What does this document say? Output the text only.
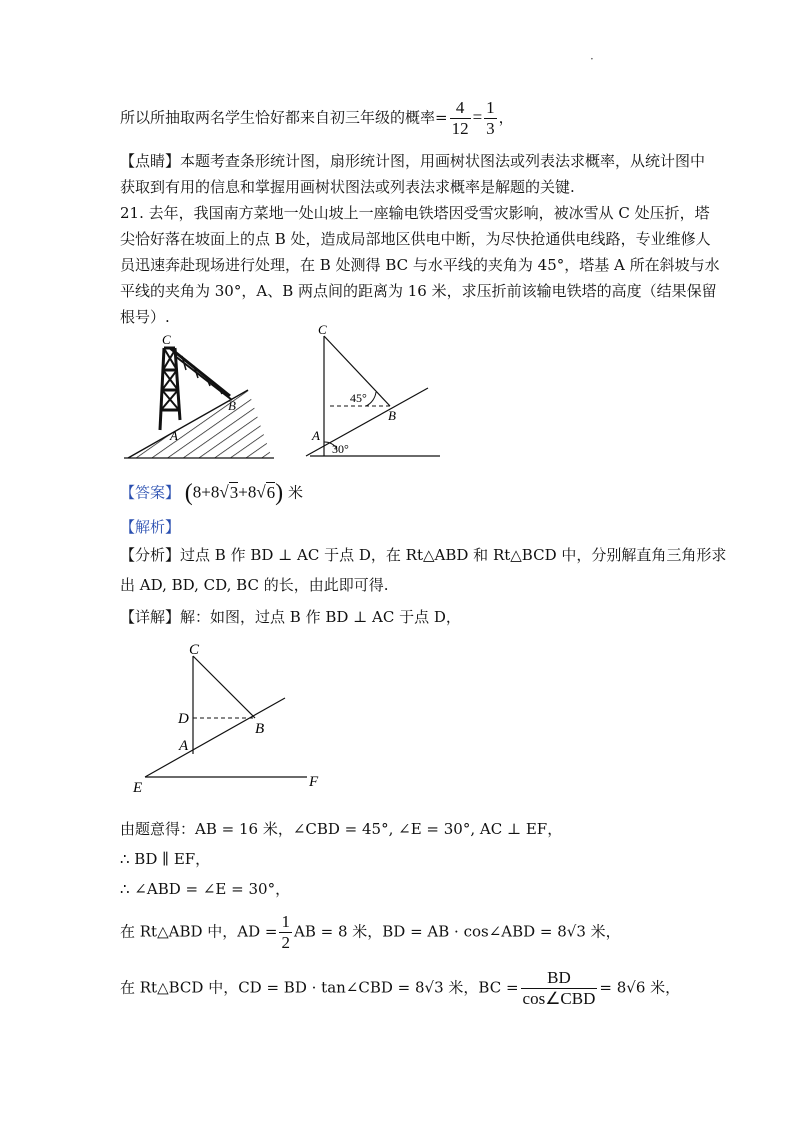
·
所以所抽取两名学生恰好都来自初三年级的概率= $\frac{4}{12} = \frac{1}{3}$ ，
【点睛】本题考查条形统计图，扇形统计图，用画树状图法或列表法求概率，从统计图中
获取到有用的信息和掌握用画树状图法或列表法求概率是解题的关键.
21. 去年，我国南方菜地一处山坡上一座输电铁塔因受雪灾影响，被冰雪从 C 处压折，塔
尖恰好落在坡面上的点 B 处，造成局部地区供电中断，为尽快抢通供电线路，专业维修人
员迅速奔赴现场进行处理，在 B 处测得 BC 与水平线的夹角为 45°，塔基 A 所在斜坡与水
平线的夹角为 30°，A、B 两点间的距离为 16 米，求压折前该输电铁塔的高度（结果保留
根号）.
C
B
A
C
B
A
45°
30°
【答案】 (8+8√3+8√6) 米
【解析】
【分析】过点 B 作 BD ⊥ AC 于点 D，在 Rt△ABD 和 Rt△BCD 中，分别解直角三角形求
出 AD, BD, CD, BC 的长，由此即可得.
【详解】解：如图，过点 B 作 BD ⊥ AC 于点 D，
C
D
A
B
E	F
由题意得：AB = 16 米，∠CBD = 45°, ∠E = 30°, AC ⊥ EF，
∴ BD ∥ EF，
∴ ∠ABD = ∠E = 30°，
在 Rt△ABD 中，AD = $\frac{1}{2}$ AB = 8 米，BD = AB · cos∠ABD = 8√3 米，
在 Rt△BCD 中，CD = BD · tan∠CBD = 8√3 米，BC = $\frac{BD}{\text{cos∠CBD}} = 8√6$ 米，
